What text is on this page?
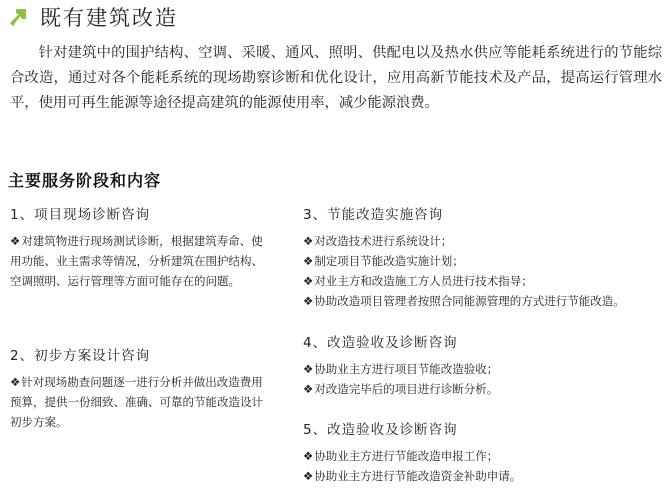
既有建筑改造

针对建筑中的围护结构、空调、采暖、通风、照明、供配电以及热水供应等能耗系统进行的节能综合改造，通过对各个能耗系统的现场勘察诊断和优化设计，应用高新节能技术及产品，提高运行管理水平，使用可再生能源等途径提高建筑的能源使用率，减少能源浪费。

主要服务阶段和内容

1、项目现场诊断咨询

❖对建筑物进行现场测试诊断，根据建筑寿命、使用功能、业主需求等情况，分析建筑在围护结构、空调照明、运行管理等方面可能存在的问题。

2、初步方案设计咨询

❖针对现场勘查问题逐一进行分析并做出改造费用预算，提供一份细致、准确、可靠的节能改造设计初步方案。

3、节能改造实施咨询

❖对改造技术进行系统设计；
❖制定项目节能改造实施计划；
❖对业主方和改造施工方人员进行技术指导；
❖协助改造项目管理者按照合同能源管理的方式进行节能改造。

4、改造验收及诊断咨询

❖协助业主方进行项目节能改造验收；
❖对改造完毕后的项目进行诊断分析。

5、改造验收及诊断咨询

❖协助业主方进行节能改造申报工作；
❖协助业主方进行节能改造资金补助申请。
